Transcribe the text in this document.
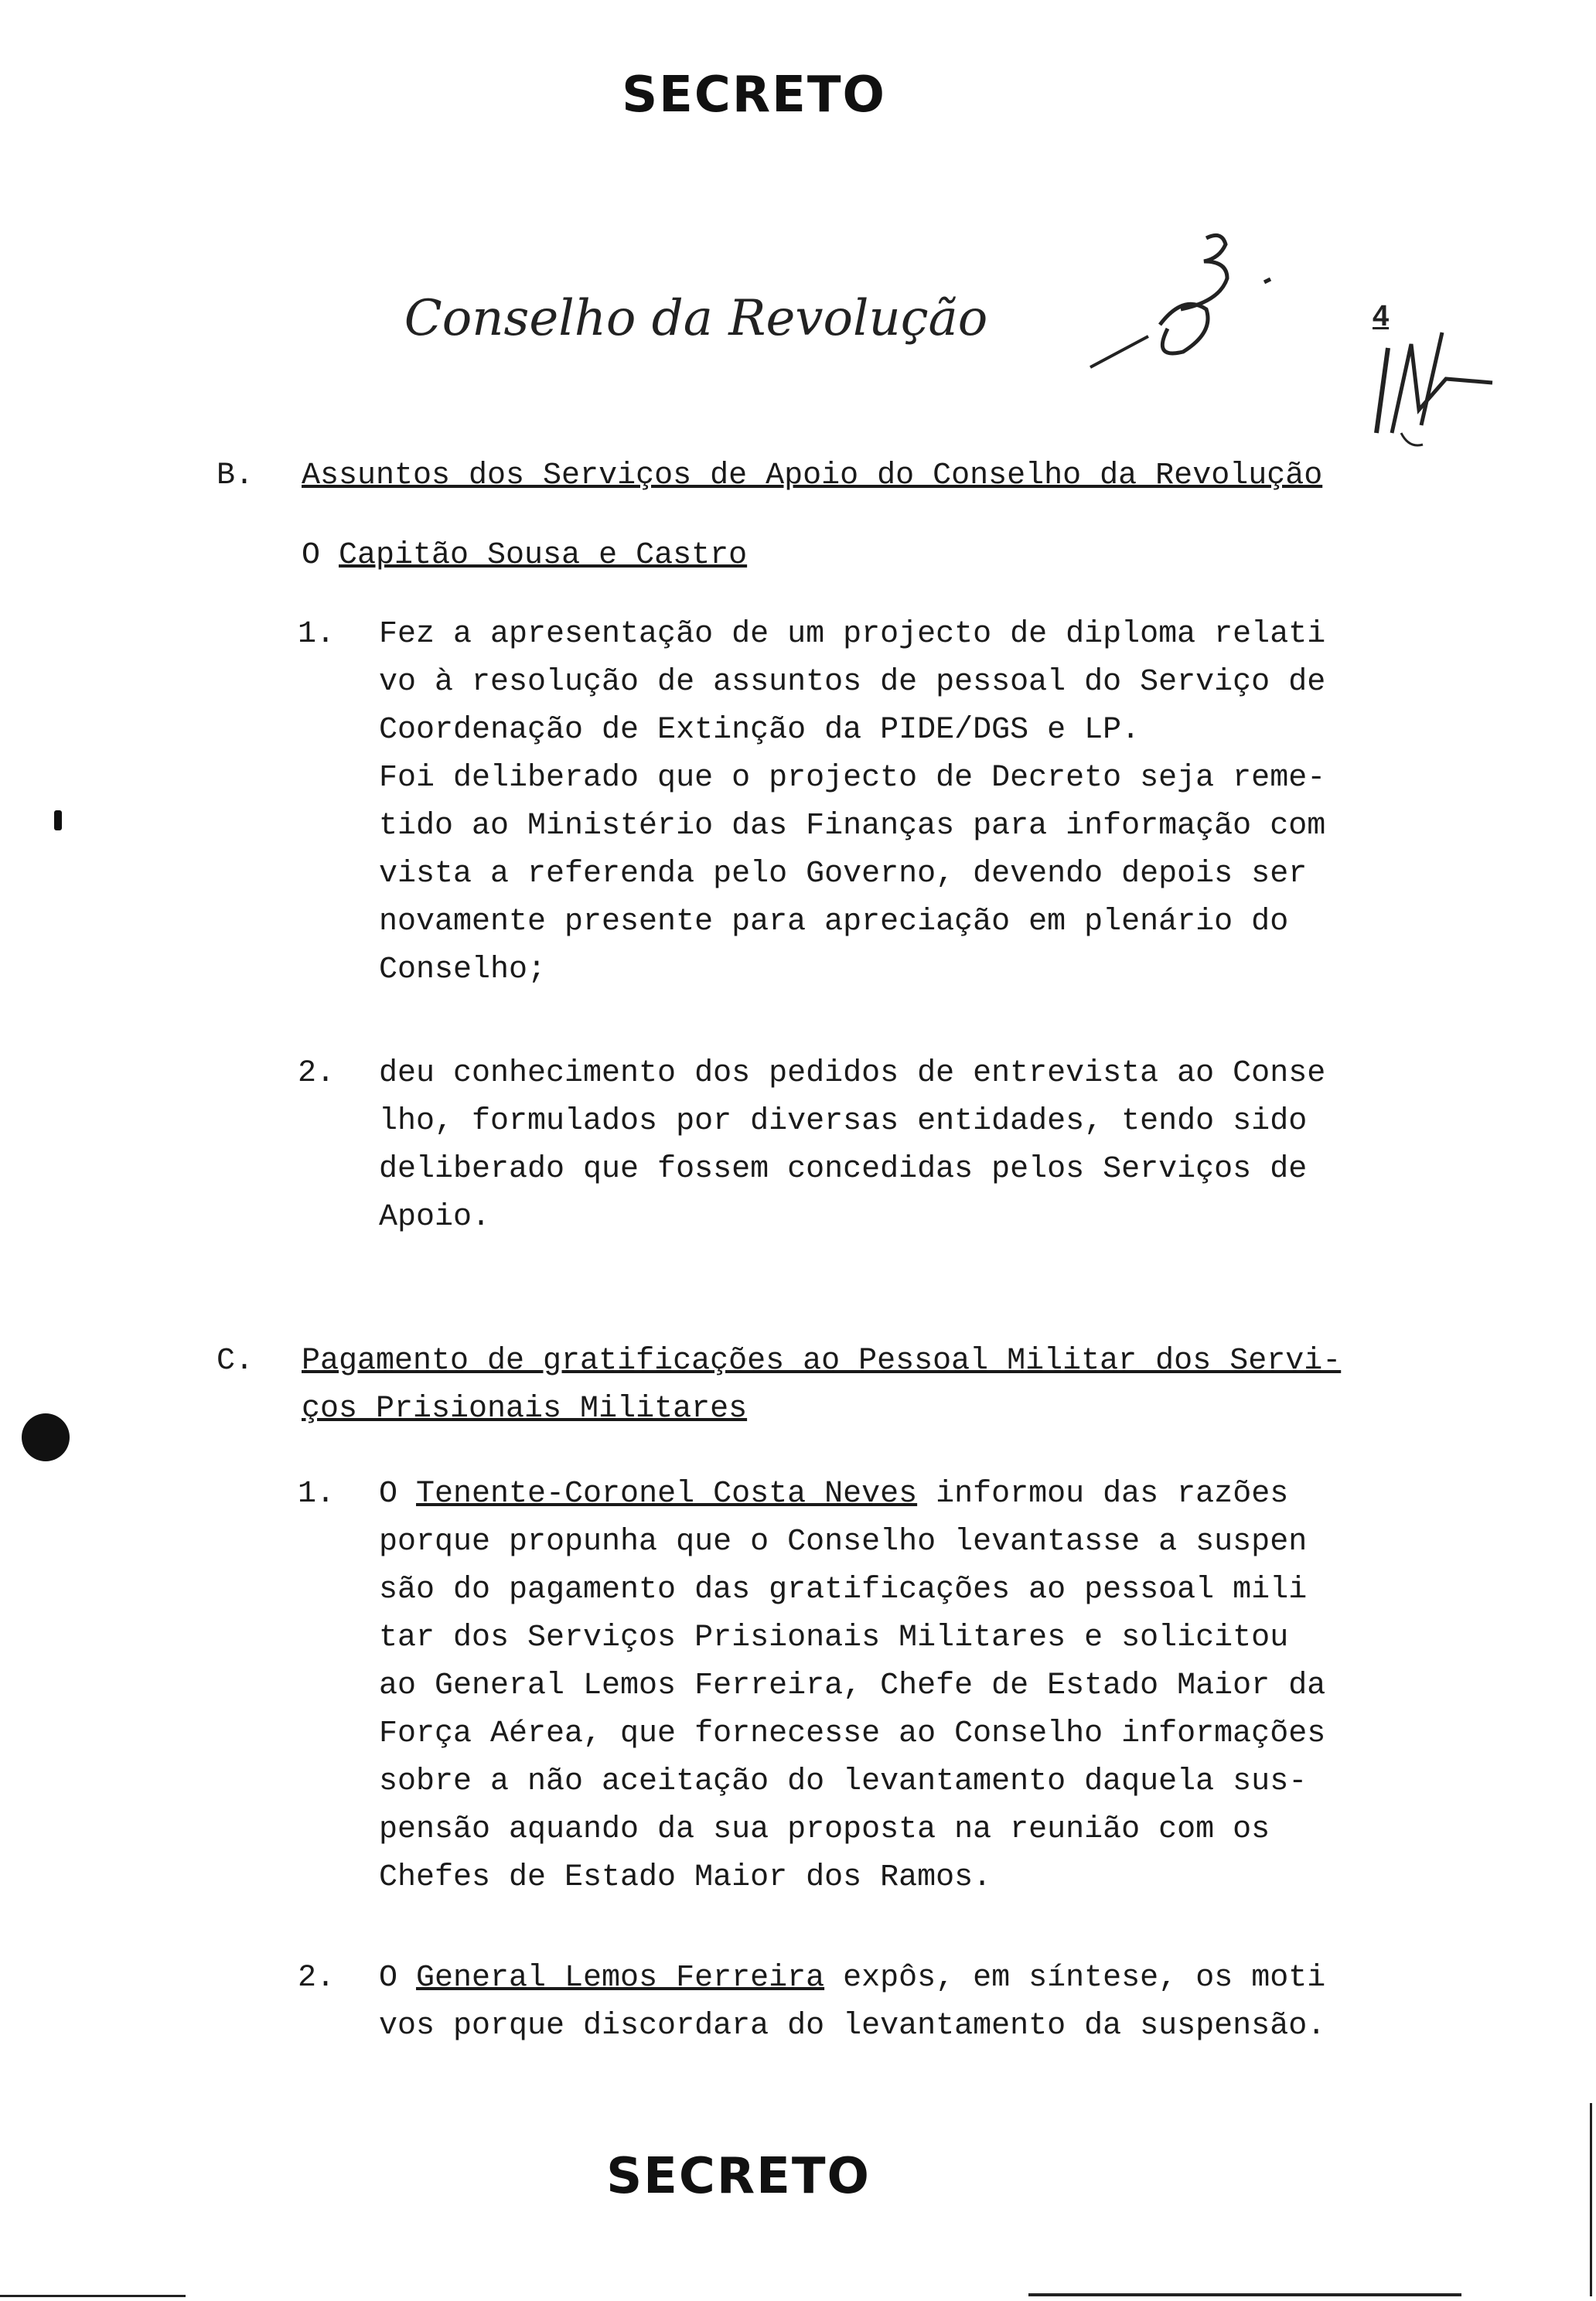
SECRETO
Conselho da Revolução	4
B. Assuntos dos Serviços de Apoio do Conselho da Revolução
O Capitão Sousa e Castro
1. Fez a apresentação de um projecto de diploma relati
vo à resolução de assuntos de pessoal do Serviço de
Coordenação de Extinção da PIDE/DGS e LP.
Foi deliberado que o projecto de Decreto seja reme-
tido ao Ministério das Finanças para informação com
vista a referenda pelo Governo, devendo depois ser
novamente presente para apreciação em plenário do
Conselho;
2. deu conhecimento dos pedidos de entrevista ao Conse
lho, formulados por diversas entidades, tendo sido
deliberado que fossem concedidas pelos Serviços de
Apoio.
C. Pagamento de gratificações ao Pessoal Militar dos Servi-
ços Prisionais Militares
1. O Tenente-Coronel Costa Neves informou das razões
porque propunha que o Conselho levantasse a suspen
são do pagamento das gratificações ao pessoal mili
tar dos Serviços Prisionais Militares e solicitou
ao General Lemos Ferreira, Chefe de Estado Maior da
Força Aérea, que fornecesse ao Conselho informações
sobre a não aceitação do levantamento daquela sus-
pensão aquando da sua proposta na reunião com os
Chefes de Estado Maior dos Ramos.
2. O General Lemos Ferreira expôs, em síntese, os moti
vos porque discordara do levantamento da suspensão.
SECRETO
